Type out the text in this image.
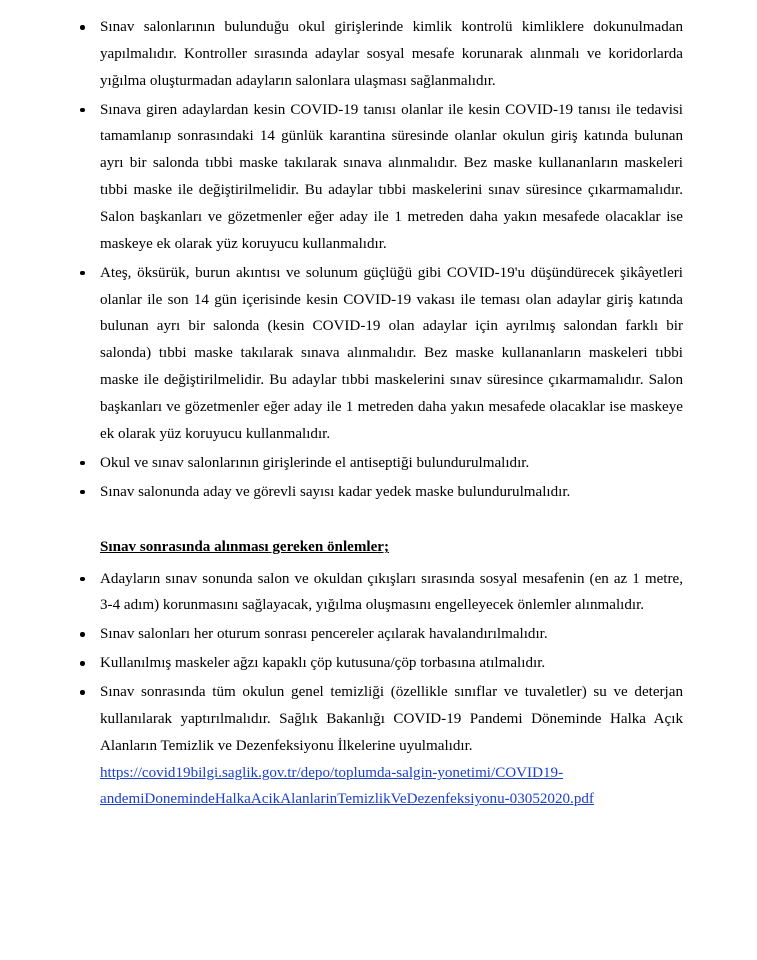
Sınav salonlarının bulunduğu okul girişlerinde kimlik kontrolü kimliklere dokunulmadan yapılmalıdır. Kontroller sırasında adaylar sosyal mesafe korunarak alınmalı ve koridorlarda yığılma oluşturmadan adayların salonlara ulaşması sağlanmalıdır.
Sınava giren adaylardan kesin COVID-19 tanısı olanlar ile kesin COVID-19 tanısı ile tedavisi tamamlanıp sonrasındaki 14 günlük karantina süresinde olanlar okulun giriş katında bulunan ayrı bir salonda tıbbi maske takılarak sınava alınmalıdır. Bez maske kullananların maskeleri tıbbi maske ile değiştirilmelidir. Bu adaylar tıbbi maskelerini sınav süresince çıkarmamalıdır. Salon başkanları ve gözetmenler eğer aday ile 1 metreden daha yakın mesafede olacaklar ise maskeye ek olarak yüz koruyucu kullanmalıdır.
Ateş, öksürük, burun akıntısı ve solunum güçlüğü gibi COVID-19'u düşündürecek şikâyetleri olanlar ile son 14 gün içerisinde kesin COVID-19 vakası ile teması olan adaylar giriş katında bulunan ayrı bir salonda (kesin COVID-19 olan adaylar için ayrılmış salondan farklı bir salonda) tıbbi maske takılarak sınava alınmalıdır. Bez maske kullananların maskeleri tıbbi maske ile değiştirilmelidir. Bu adaylar tıbbi maskelerini sınav süresince çıkarmamalıdır. Salon başkanları ve gözetmenler eğer aday ile 1 metreden daha yakın mesafede olacaklar ise maskeye ek olarak yüz koruyucu kullanmalıdır.
Okul ve sınav salonlarının girişlerinde el antiseptiği bulundurulmalıdır.
Sınav salonunda aday ve görevli sayısı kadar yedek maske bulundurulmalıdır.
Sınav sonrasında alınması gereken önlemler;
Adayların sınav sonunda salon ve okuldan çıkışları sırasında sosyal mesafenin (en az 1 metre, 3-4 adım) korunmasını sağlayacak, yığılma oluşmasını engelleyecek önlemler alınmalıdır.
Sınav salonları her oturum sonrası pencereler açılarak havalandırılmalıdır.
Kullanılmış maskeler ağzı kapaklı çöp kutusuna/çöp torbasına atılmalıdır.
Sınav sonrasında tüm okulun genel temizliği (özellikle sınıflar ve tuvaletler) su ve deterjan kullanılarak yaptırılmalıdır. Sağlık Bakanlığı COVID-19 Pandemi Döneminde Halka Açık Alanların Temizlik ve Dezenfeksiyonu İlkelerine uyulmalıdır.
https://covid19bilgi.saglik.gov.tr/depo/toplumda-salgin-yonetimi/COVID19-
andemiDonemindeHalkaAcikAlanlarinTemizlikVeDezenfeksiyonu-03052020.pdf
